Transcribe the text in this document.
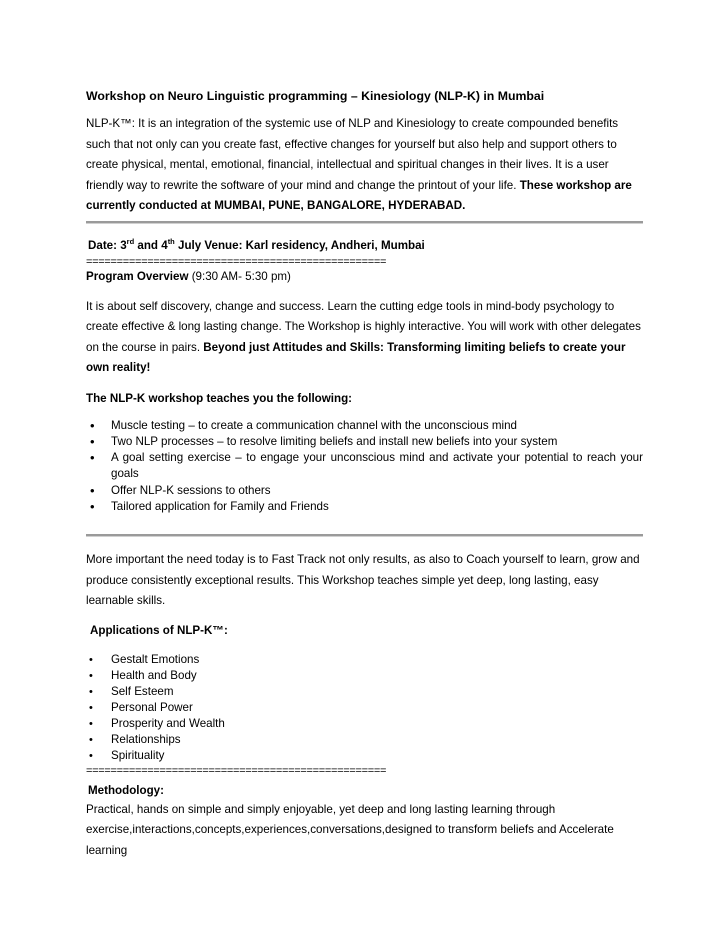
Workshop on Neuro Linguistic programming – Kinesiology (NLP-K) in Mumbai

NLP-K™: It is an integration of the systemic use of NLP and Kinesiology to create compounded benefits such that not only can you create fast, effective changes for yourself but also help and support others to create physical, mental, emotional, financial, intellectual and spiritual changes in their lives. It is a user friendly way to rewrite the software of your mind and change the printout of your life. These workshop are currently conducted at MUMBAI, PUNE, BANGALORE, HYDERABAD.

Date: 3rd and 4th July Venue: Karl residency, Andheri, Mumbai

=================================================

Program Overview (9:30 AM- 5:30 pm)

It is about self discovery, change and success. Learn the cutting edge tools in mind-body psychology to create effective & long lasting change. The Workshop is highly interactive. You will work with other delegates on the course in pairs. Beyond just Attitudes and Skills: Transforming limiting beliefs to create your own reality!

The NLP-K workshop teaches you the following:

• Muscle testing – to create a communication channel with the unconscious mind
• Two NLP processes – to resolve limiting beliefs and install new beliefs into your system
• A goal setting exercise – to engage your unconscious mind and activate your potential to reach your goals
• Offer NLP-K sessions to others
• Tailored application for Family and Friends

More important the need today is to Fast Track not only results, as also to Coach yourself to learn, grow and produce consistently exceptional results. This Workshop teaches simple yet deep, long lasting, easy learnable skills.

Applications of NLP-K™:

• Gestalt Emotions
• Health and Body
• Self Esteem
• Personal Power
• Prosperity and Wealth
• Relationships
• Spirituality

=================================================

Methodology:

Practical, hands on simple and simply enjoyable, yet deep and long lasting learning through exercise,interactions,concepts,experiences,conversations,designed to transform beliefs and Accelerate learning
